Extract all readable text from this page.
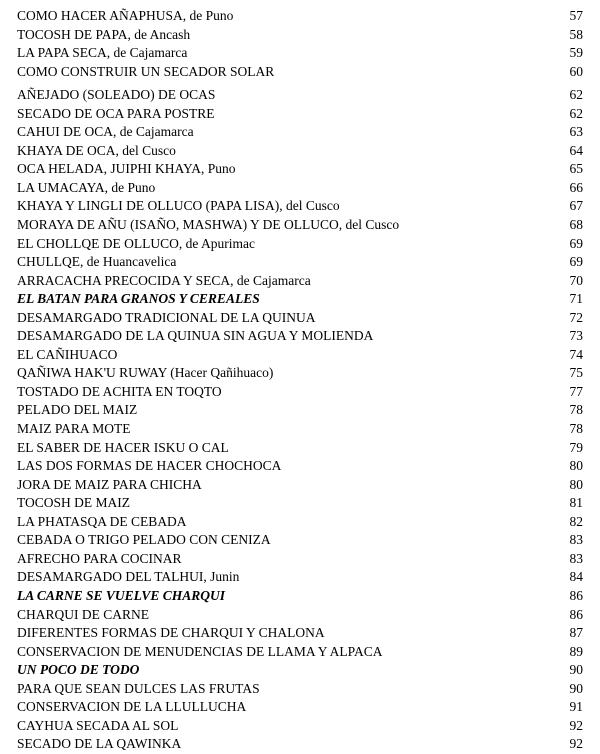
COMO HACER AÑAPHUSA, de Puno	57
TOCOSH DE PAPA, de Ancash	58
LA PAPA SECA, de Cajamarca	59
COMO CONSTRUIR UN SECADOR SOLAR	60
AÑEJADO (SOLEADO) DE OCAS	62
SECADO DE OCA PARA POSTRE	62
CAHUI DE OCA, de Cajamarca	63
KHAYA DE OCA, del Cusco	64
OCA HELADA, JUIPHI KHAYA, Puno	65
LA UMACAYA, de Puno	66
KHAYA Y LINGLI DE OLLUCO (PAPA LISA), del Cusco	67
MORAYA DE AÑU (ISAÑO, MASHWA) Y DE OLLUCO, del Cusco	68
EL CHOLLQE DE OLLUCO, de Apurimac	69
CHULLQE, de Huancavelica	69
ARRACACHA PRECOCIDA Y SECA, de Cajamarca	70
EL BATAN PARA GRANOS Y CEREALES	71
DESAMARGADO TRADICIONAL DE LA QUINUA	72
DESAMARGADO DE LA QUINUA SIN AGUA Y MOLIENDA	73
EL CAÑIHUACO	74
QAÑIWA HAK'U RUWAY (Hacer Qañihuaco)	75
TOSTADO DE ACHITA EN TOQTO	77
PELADO DEL MAIZ	78
MAIZ PARA MOTE	78
EL SABER DE HACER ISKU O CAL	79
LAS DOS FORMAS DE HACER CHOCHOCA	80
JORA DE MAIZ PARA CHICHA	80
TOCOSH DE MAIZ	81
LA PHATASQA DE CEBADA	82
CEBADA O TRIGO PELADO CON CENIZA	83
AFRECHO PARA COCINAR	83
DESAMARGADO DEL TALHUI, Junin	84
LA CARNE SE VUELVE CHARQUI	86
CHARQUI DE CARNE	86
DIFERENTES FORMAS DE CHARQUI Y CHALONA	87
CONSERVACION DE MENUDENCIAS DE LLAMA Y ALPACA	89
UN POCO DE TODO	90
PARA QUE SEAN DULCES LAS FRUTAS	90
CONSERVACION DE LA LLULLUCHA	91
CAYHUA SECADA AL SOL	92
SECADO DE LA QAWINKA	92
